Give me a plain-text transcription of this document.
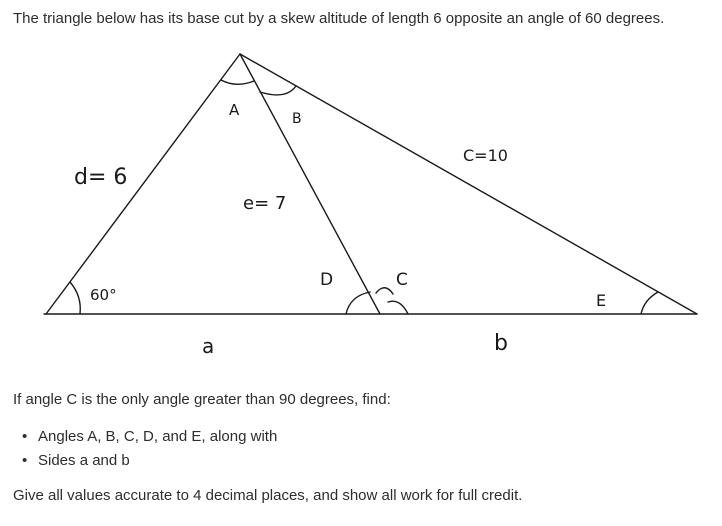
The triangle below has its base cut by a skew altitude of length 6 opposite an angle of 60 degrees.
A	B
60°
D	C
E
d= 6
e= 7
C=10
a	b
If angle C is the only angle greater than 90 degrees, find:
• Angles A, B, C, D, and E, along with
• Sides a and b
Give all values accurate to 4 decimal places, and show all work for full credit.
